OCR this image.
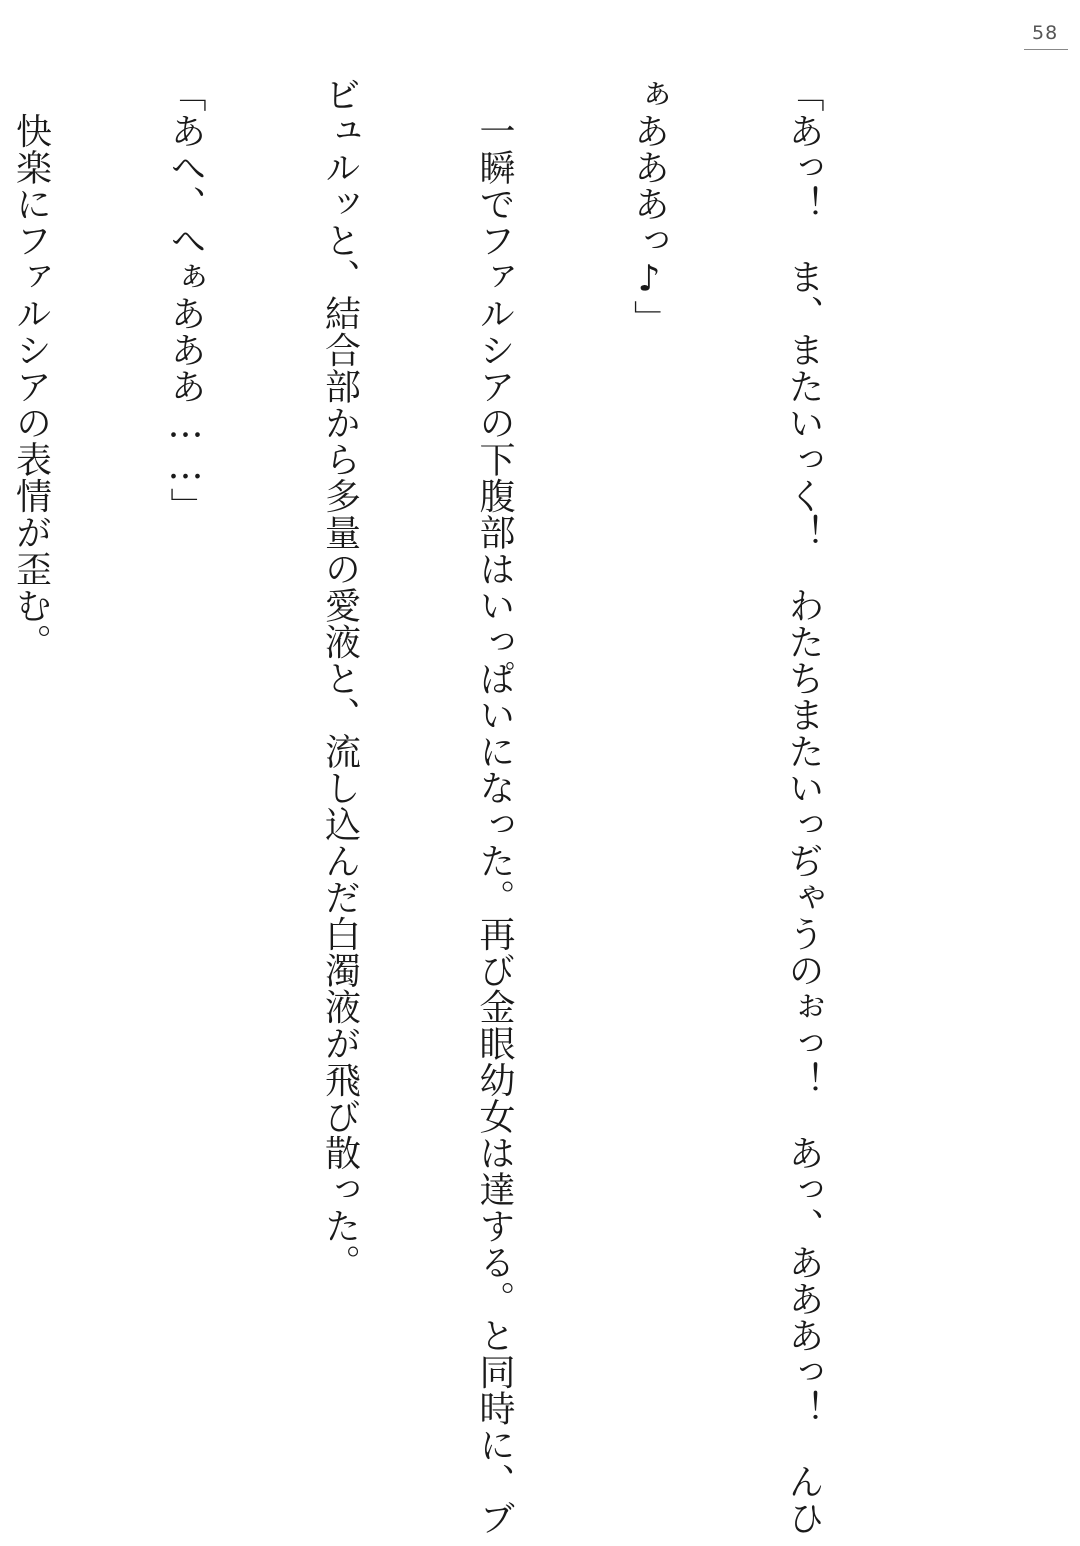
58

「あっ！　ま、またいっく！　わたちまたいっぢゃうのぉっ！　あっ、あああっ！　んひ

ぁあああっ♪」

　一瞬でファルシアの下腹部はいっぱいになった。再び金眼幼女は達する。と同時に、ブ

ビュルッと、結合部から多量の愛液と、流し込んだ白濁液が飛び散った。

「あへ、へぁあああ……」

　快楽にファルシアの表情が歪む。
